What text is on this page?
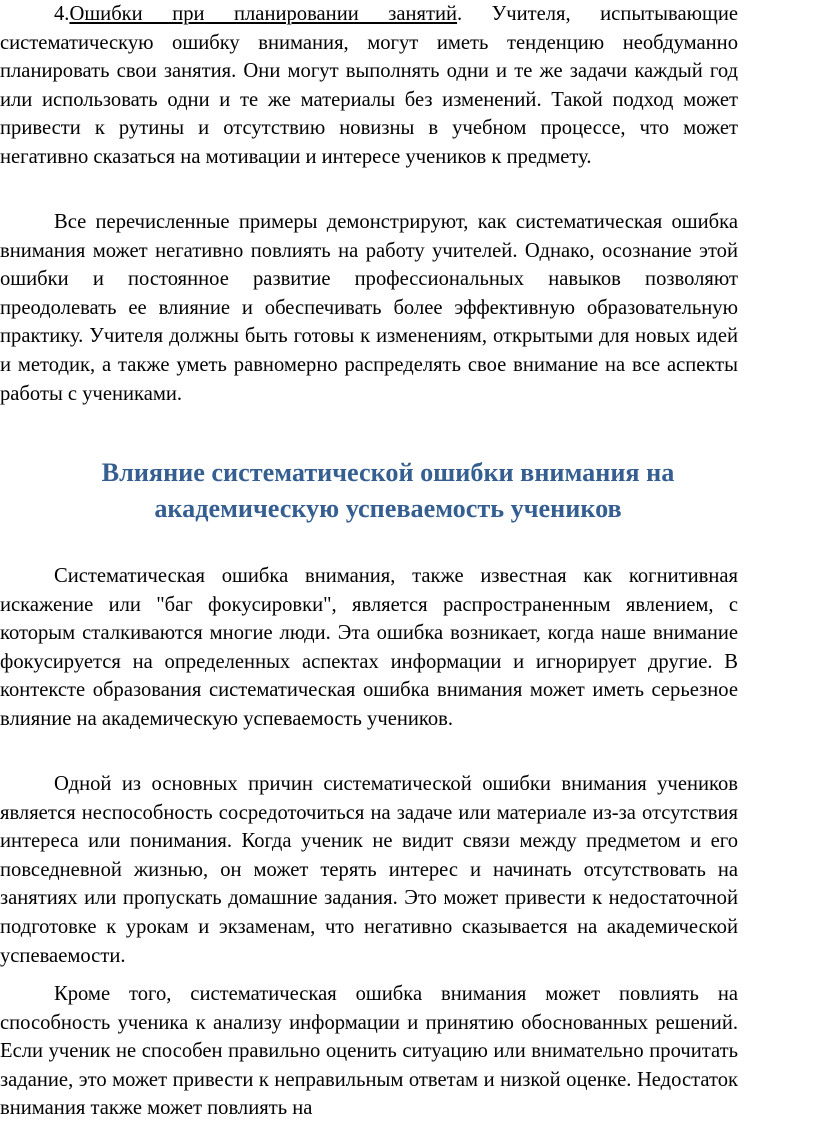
4.Ошибки при планировании занятий. Учителя, испытывающие систематическую ошибку внимания, могут иметь тенденцию необдуманно планировать свои занятия. Они могут выполнять одни и те же задачи каждый год или использовать одни и те же материалы без изменений. Такой подход может привести к рутины и отсутствию новизны в учебном процессе, что может негативно сказаться на мотивации и интересе учеников к предмету.

Все перечисленные примеры демонстрируют, как систематическая ошибка внимания может негативно повлиять на работу учителей. Однако, осознание этой ошибки и постоянное развитие профессиональных навыков позволяют преодолевать ее влияние и обеспечивать более эффективную образовательную практику. Учителя должны быть готовы к изменениям, открытыми для новых идей и методик, а также уметь равномерно распределять свое внимание на все аспекты работы с учениками.

Влияние систематической ошибки внимания на
академическую успеваемость учеников

Систематическая ошибка внимания, также известная как когнитивная искажение или "баг фокусировки", является распространенным явлением, с которым сталкиваются многие люди. Эта ошибка возникает, когда наше внимание фокусируется на определенных аспектах информации и игнорирует другие. В контексте образования систематическая ошибка внимания может иметь серьезное влияние на академическую успеваемость учеников.

Одной из основных причин систематической ошибки внимания учеников является неспособность сосредоточиться на задаче или материале из-за отсутствия интереса или понимания. Когда ученик не видит связи между предметом и его повседневной жизнью, он может терять интерес и начинать отсутствовать на занятиях или пропускать домашние задания. Это может привести к недостаточной подготовке к урокам и экзаменам, что негативно сказывается на академической успеваемости.

Кроме того, систематическая ошибка внимания может повлиять на способность ученика к анализу информации и принятию обоснованных решений. Если ученик не способен правильно оценить ситуацию или внимательно прочитать задание, это может привести к неправильным ответам и низкой оценке. Недостаток внимания также может повлиять на
